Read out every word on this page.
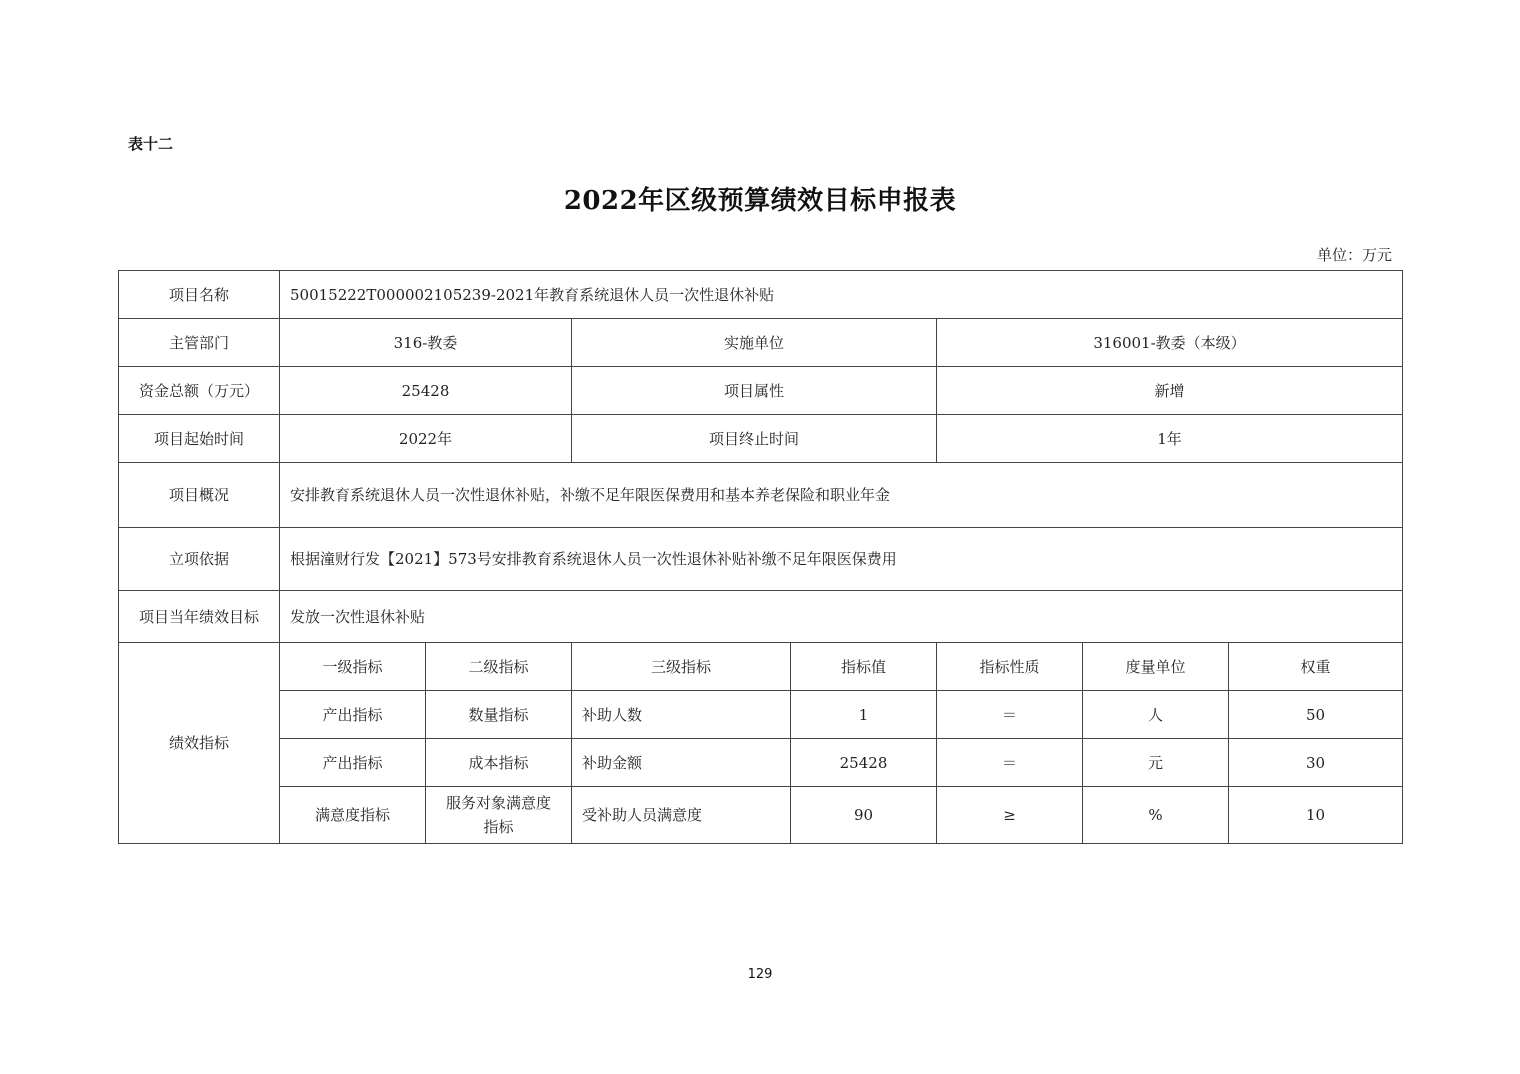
表十二
2022年区级预算绩效目标申报表
单位：万元
项目名称	50015222T000002105239-2021年教育系统退休人员一次性退休补贴						
主管部门	316-教委		实施单位		316001-教委（本级）		
资金总额（万元）	25428		项目属性		新增		
项目起始时间	2022年		项目终止时间		1年		
项目概况	安排教育系统退休人员一次性退休补贴，补缴不足年限医保费用和基本养老保险和职业年金						
立项依据	根据潼财行发【2021】573号安排教育系统退休人员一次性退休补贴补缴不足年限医保费用						
项目当年绩效目标	发放一次性退休补贴						
绩效指标	一级指标	二级指标	三级指标	指标值	指标性质	度量单位	权重
	产出指标	数量指标	补助人数	1	＝	人	50
	产出指标	成本指标	补助金额	25428	＝	元	30
	满意度指标	服务对象满意度指标	受补助人员满意度	90	≥	%	10
129
